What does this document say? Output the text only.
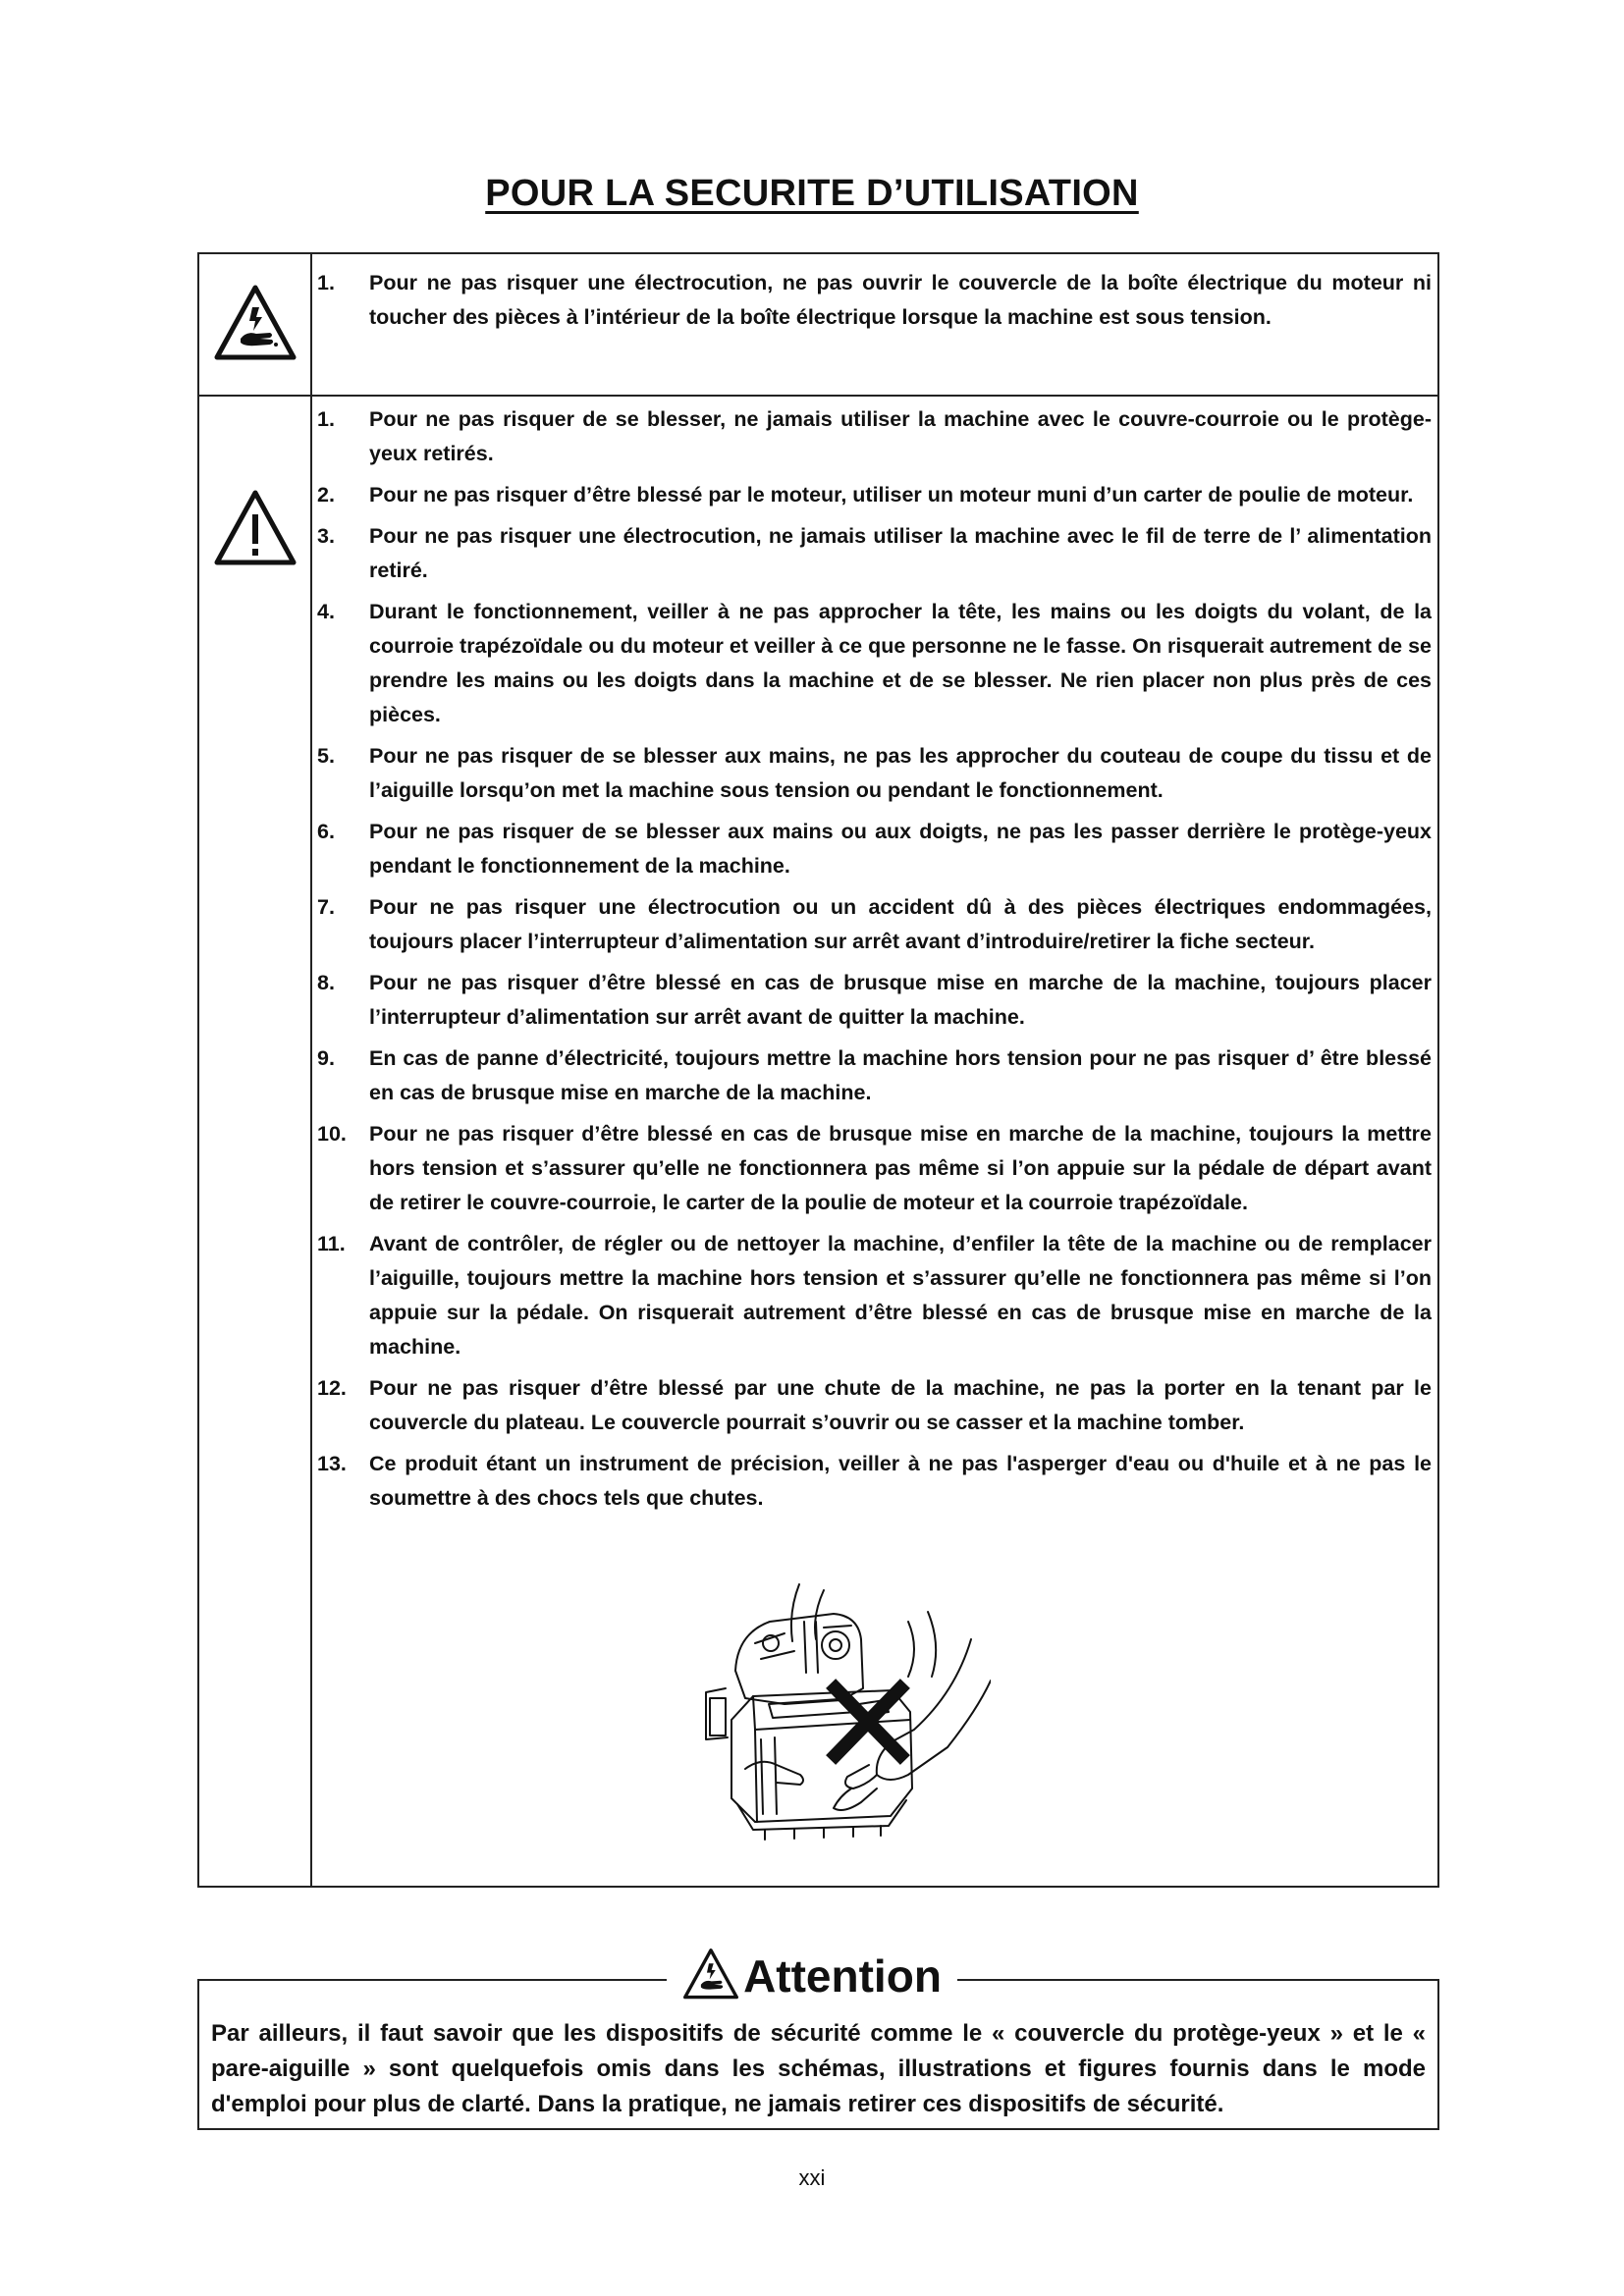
POUR LA SECURITE D’UTILISATION
1.	Pour ne pas risquer une électrocution, ne pas ouvrir le couvercle de la boîte électrique du moteur ni toucher des pièces à l’intérieur de la boîte électrique lorsque la machine est sous tension.
1.	Pour ne pas risquer de se blesser, ne jamais utiliser la machine avec le couvre-courroie ou le protège-yeux retirés.
2.	Pour ne pas risquer d’être blessé par le moteur, utiliser un moteur muni d’un carter de poulie de moteur.
3.	Pour ne pas risquer une électrocution, ne jamais utiliser la machine avec le fil de terre de l’ alimentation retiré.
4.	Durant le fonctionnement, veiller à ne pas approcher la tête, les mains ou les doigts du volant, de la courroie trapézoïdale ou du moteur et veiller à ce que personne ne le fasse. On risquerait autrement de se prendre les mains ou les doigts dans la machine et de se blesser. Ne rien placer non plus près de ces pièces.
5.	Pour ne pas risquer de se blesser aux mains, ne pas les approcher du couteau de coupe du tissu et de l’aiguille lorsqu’on met la machine sous tension ou pendant le fonctionnement.
6.	Pour ne pas risquer de se blesser aux mains ou aux doigts, ne pas les passer derrière le protège-yeux pendant le fonctionnement de la machine.
7.	Pour ne pas risquer une électrocution ou un accident dû à des pièces électriques endommagées, toujours placer l’interrupteur d’alimentation sur arrêt avant d’introduire/retirer la fiche secteur.
8.	Pour ne pas risquer d’être blessé en cas de brusque mise en marche de la machine, toujours placer l’interrupteur d’alimentation sur arrêt avant de quitter la machine.
9.	En cas de panne d’électricité, toujours mettre la machine hors tension pour ne pas risquer d’ être blessé en cas de brusque mise en marche de la machine.
10.	Pour ne pas risquer d’être blessé en cas de brusque mise en marche de la machine, toujours la mettre hors tension et s’assurer qu’elle ne fonctionnera pas même si l’on appuie sur la pédale de départ avant de retirer le couvre-courroie, le carter de la poulie de moteur et la courroie trapézoïdale.
11.	Avant de contrôler, de régler ou de nettoyer la machine, d’enfiler la tête de la machine ou de remplacer l’aiguille, toujours mettre la machine hors tension et s’assurer qu’elle ne fonctionnera pas même si l’on appuie sur la pédale. On risquerait autrement d’être blessé en cas de brusque mise en marche de la machine.
12.	Pour ne pas risquer d’être blessé par une chute de la machine, ne pas la porter en la tenant par le couvercle du plateau. Le couvercle pourrait s’ouvrir ou se casser et la machine tomber.
13.	Ce produit étant un instrument de précision, veiller à ne pas l'asperger d'eau ou d'huile et à ne pas le soumettre à des chocs tels que chutes.
Par ailleurs, il faut savoir que les dispositifs de sécurité comme le « couvercle du protège-yeux » et le « pare-aiguille » sont quelquefois omis dans les schémas, illustrations et figures fournis dans le mode d'emploi pour plus de clarté. Dans la pratique, ne jamais retirer ces dispositifs de sécurité.
Attention
xxi
